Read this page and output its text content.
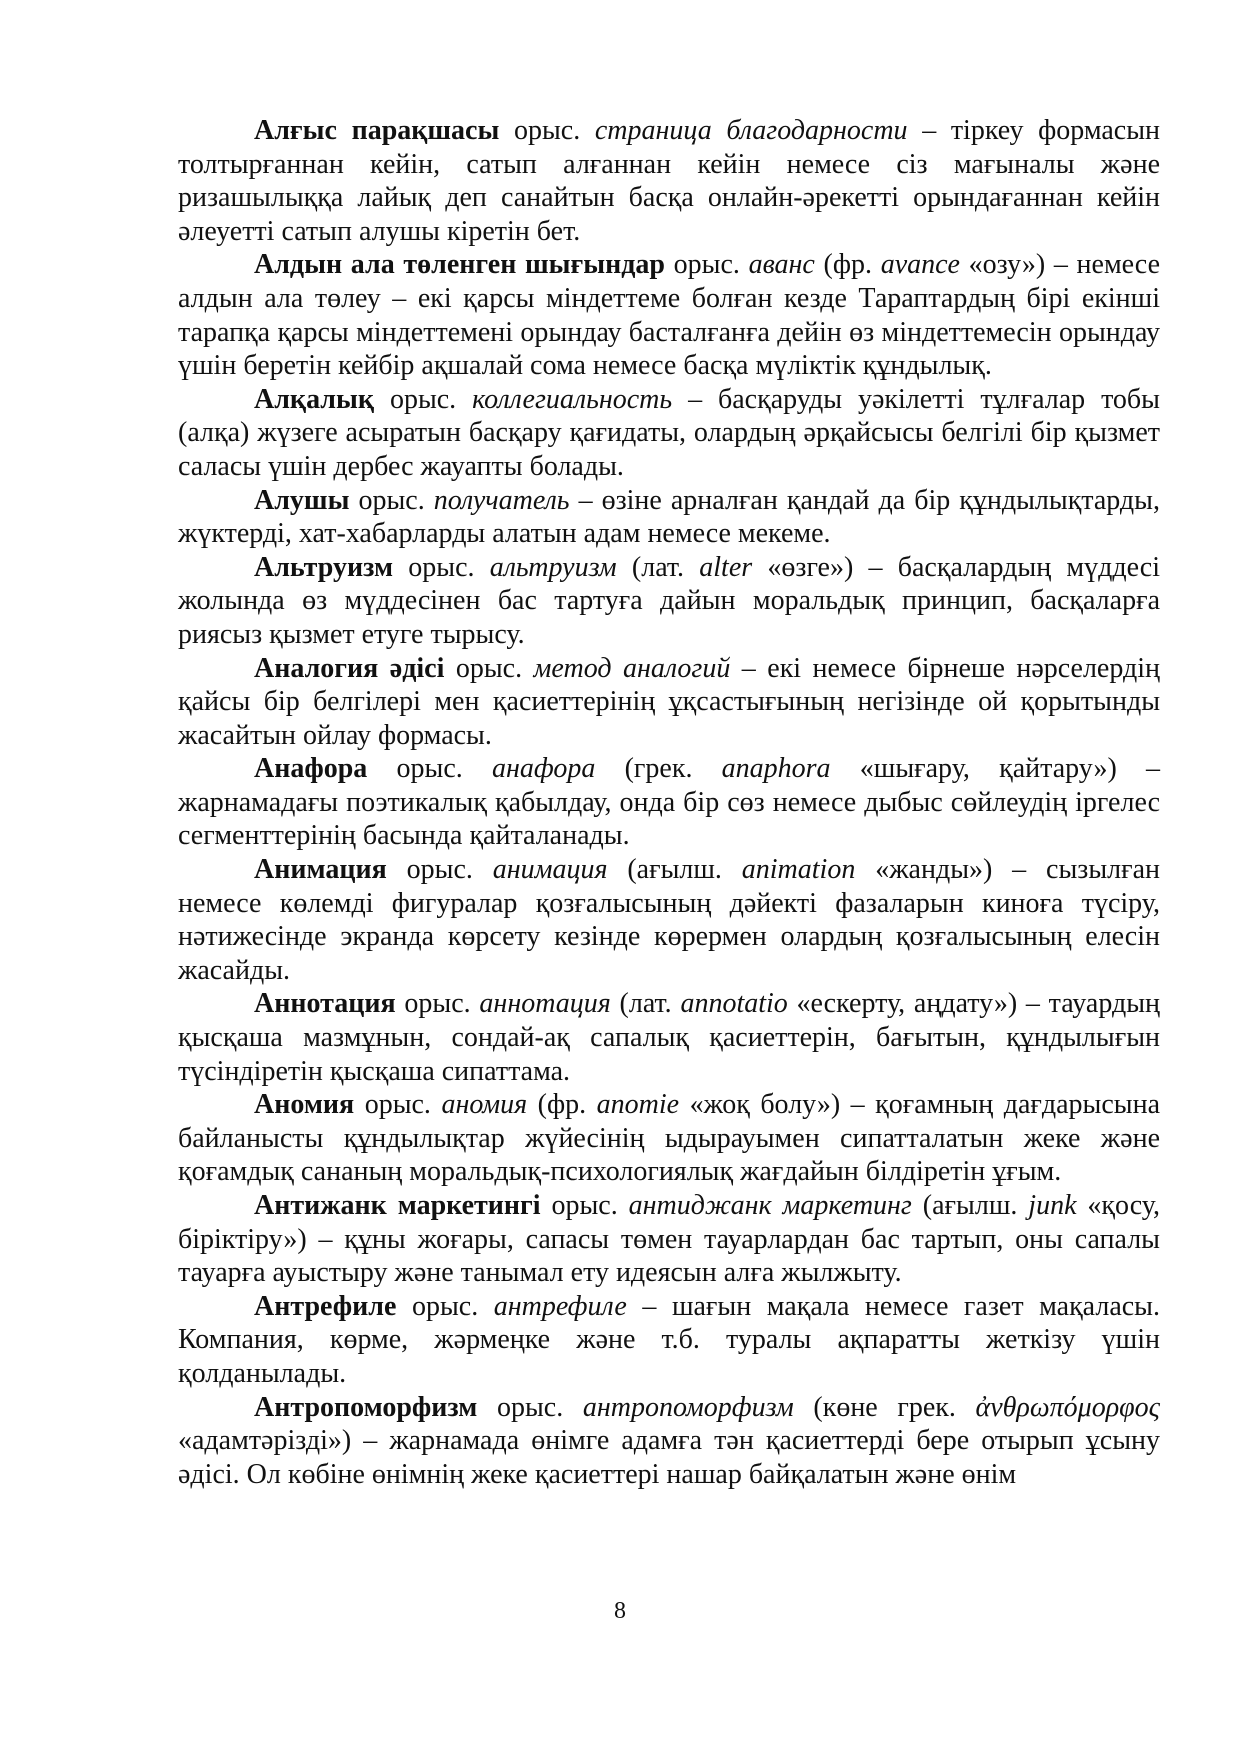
Алғыс парақшасы орыс. страница благодарности – тіркеу формасын толтырғаннан кейін, сатып алғаннан кейін немесе сіз мағыналы және ризашылыққа лайық деп санайтын басқа онлайн-әрекетті орындағаннан кейін әлеуетті сатып алушы кіретін бет.

Алдын ала төленген шығындар орыс. аванс (фр. avance «озу») – немесе алдын ала төлеу – екі қарсы міндеттеме болған кезде Тараптардың бірі екінші тарапқа қарсы міндеттемені орындау басталғанға дейін өз міндеттемесін орындау үшін беретін кейбір ақшалай сома немесе басқа мүліктік құндылық.

Алқалық орыс. коллегиальность – басқаруды уәкілетті тұлғалар тобы (алқа) жүзеге асыратын басқару қағидаты, олардың әрқайсысы белгілі бір қызмет саласы үшін дербес жауапты болады.

Алушы орыс. получатель – өзіне арналған қандай да бір құндылықтарды, жүктерді, хат-хабарларды алатын адам немесе мекеме.

Альтруизм орыс. альтруизм (лат. alter «өзге») – басқалардың мүддесі жолында өз мүддесінен бас тартуға дайын моральдық принцип, басқаларға риясыз қызмет етуге тырысу.

Аналогия әдісі орыс. метод аналогий – екі немесе бірнеше нәрселердің қайсы бір белгілері мен қасиеттерінің ұқсастығының негізінде ой қорытынды жасайтын ойлау формасы.

Анафора орыс. анафора (грек. anaphora «шығару, қайтару») – жарнамадағы поэтикалық қабылдау, онда бір сөз немесе дыбыс сөйлеудің іргелес сегменттерінің басында қайталанады.

Анимация орыс. анимация (ағылш. animation «жанды») – сызылған немесе көлемді фигуралар қозғалысының дәйекті фазаларын киноға түсіру, нәтижесінде экранда көрсету кезінде көрермен олардың қозғалысының елесін жасайды.

Аннотация орыс. аннотация (лат. annotatio «ескерту, аңдату») – тауардың қысқаша мазмұнын, сондай-ақ сапалық қасиеттерін, бағытын, құндылығын түсіндіретін қысқаша сипаттама.

Аномия орыс. аномия (фр. anomie «жоқ болу») – қоғамның дағдарысына байланысты құндылықтар жүйесінің ыдырауымен сипатталатын жеке және қоғамдық сананың моральдық-психологиялық жағдайын білдіретін ұғым.

Антижанк маркетингі орыс. антиджанк маркетинг (ағылш. junk «қосу, біріктіру») – құны жоғары, сапасы төмен тауарлардан бас тартып, оны сапалы тауарға ауыстыру және танымал ету идеясын алға жылжыту.

Антрефиле орыс. антрефиле – шағын мақала немесе газет мақаласы. Компания, көрме, жәрмеңке және т.б. туралы ақпаратты жеткізу үшін қолданылады.

Антропоморфизм орыс. антропоморфизм (көне грек. ἀνθρωπόμορφος «адамтәрізді») – жарнамада өнімге адамға тән қасиеттерді бере отырып ұсыну әдісі. Ол көбіне өнімнің жеке қасиеттері нашар байқалатын және өнім

8
